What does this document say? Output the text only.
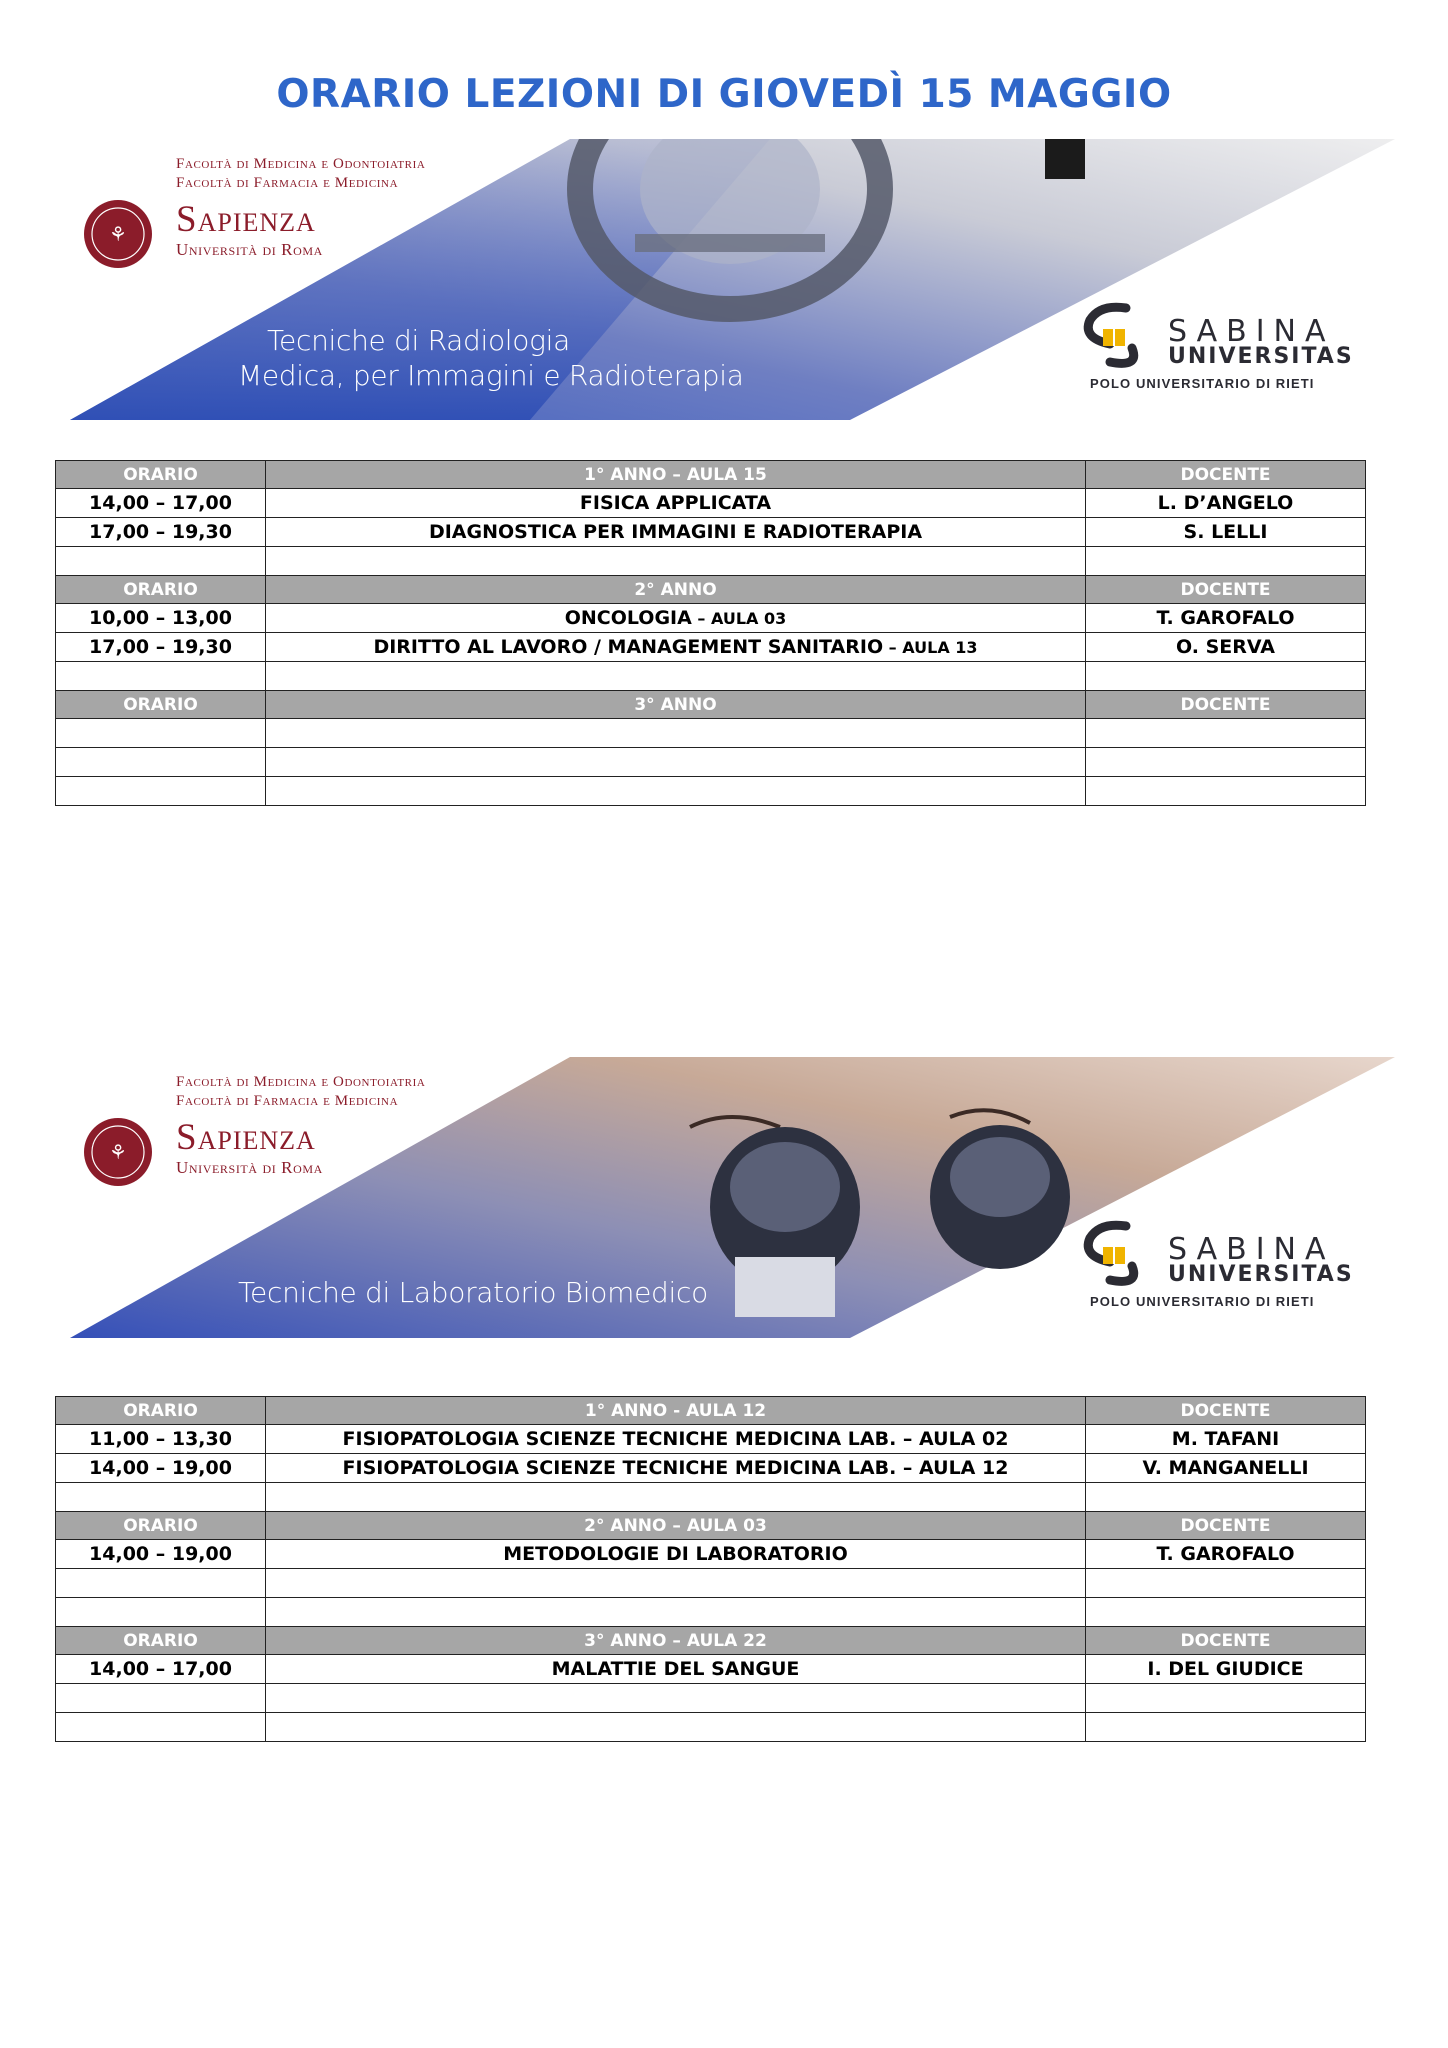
ORARIO LEZIONI DI GIOVEDÌ 15 MAGGIO
⚘
Facoltà di Medicina e Odontoiatria
Facoltà di Farmacia e Medicina
Sapienza
Università di Roma
Tecniche di Radiologia
Medica, per Immagini e Radioterapia
SABINA
UNIVERSITAS
POLO UNIVERSITARIO DI RIETI
ORARIO	1° ANNO – AULA 15	DOCENTE
14,00 – 17,00	FISICA APPLICATA	L. D’ANGELO
17,00 – 19,30	DIAGNOSTICA PER IMMAGINI E RADIOTERAPIA	S. LELLI

ORARIO	2° ANNO	DOCENTE
10,00 – 13,00	ONCOLOGIA – AULA 03	T. GAROFALO
17,00 – 19,30	DIRITTO AL LAVORO / MANAGEMENT SANITARIO – AULA 13	O. SERVA

ORARIO	3° ANNO	DOCENTE

⚘
Facoltà di Medicina e Odontoiatria
Facoltà di Farmacia e Medicina
Sapienza
Università di Roma
Tecniche di Laboratorio Biomedico
SABINA
UNIVERSITAS
POLO UNIVERSITARIO DI RIETI
ORARIO	1° ANNO - AULA 12	DOCENTE
11,00 – 13,30	FISIOPATOLOGIA SCIENZE TECNICHE MEDICINA LAB. – AULA 02	M. TAFANI
14,00 – 19,00	FISIOPATOLOGIA SCIENZE TECNICHE MEDICINA LAB. – AULA 12	V. MANGANELLI

ORARIO	2° ANNO – AULA 03	DOCENTE
14,00 – 19,00	METODOLOGIE DI LABORATORIO	T. GAROFALO

ORARIO	3° ANNO – AULA 22	DOCENTE
14,00 – 17,00	MALATTIE DEL SANGUE	I. DEL GIUDICE
